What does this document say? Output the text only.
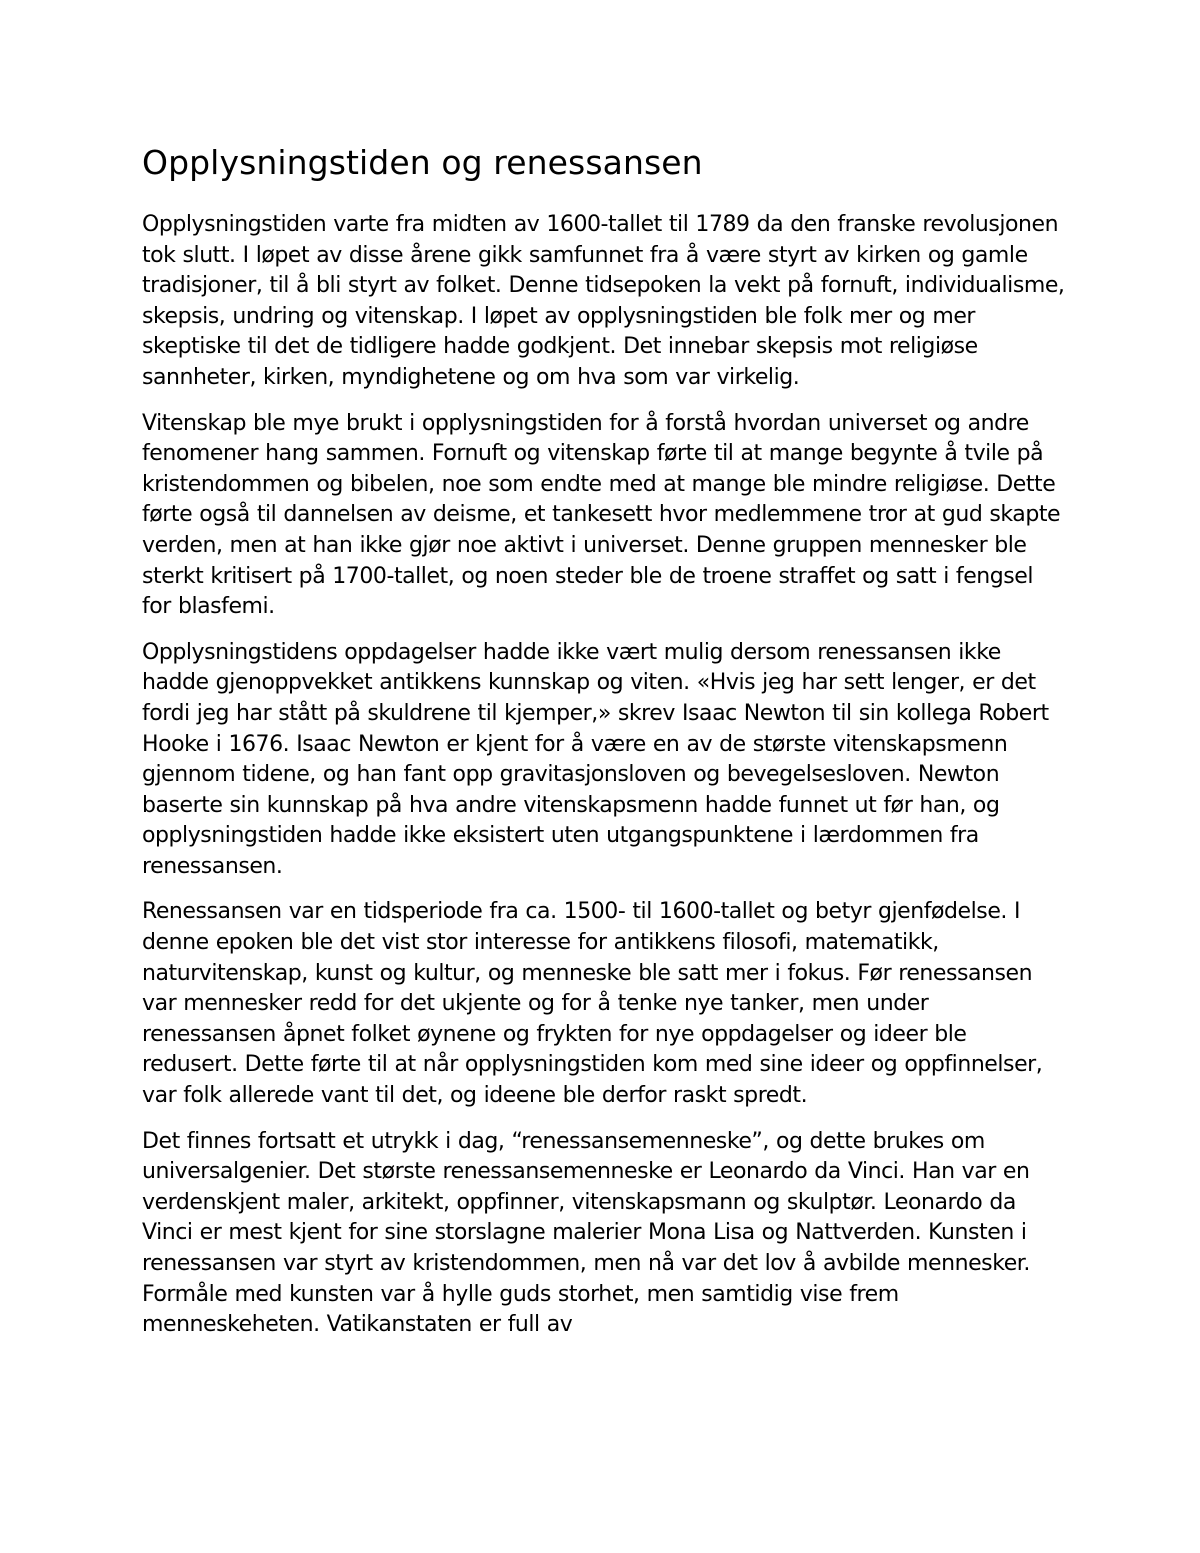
Opplysningstiden og renessansen

Opplysningstiden varte fra midten av 1600-tallet til 1789 da den franske revolusjonen tok slutt. I løpet av disse årene gikk samfunnet fra å være styrt av kirken og gamle tradisjoner, til å bli styrt av folket. Denne tidsepoken la vekt på fornuft, individualisme, skepsis, undring og vitenskap. I løpet av opplysningstiden ble folk mer og mer skeptiske til det de tidligere hadde godkjent. Det innebar skepsis mot religiøse sannheter, kirken, myndighetene og om hva som var virkelig.

Vitenskap ble mye brukt i opplysningstiden for å forstå hvordan universet og andre fenomener hang sammen. Fornuft og vitenskap førte til at mange begynte å tvile på kristendommen og bibelen, noe som endte med at mange ble mindre religiøse. Dette førte også til dannelsen av deisme, et tankesett hvor medlemmene tror at gud skapte verden, men at han ikke gjør noe aktivt i universet. Denne gruppen mennesker ble sterkt kritisert på 1700-tallet, og noen steder ble de troene straffet og satt i fengsel for blasfemi.

Opplysningstidens oppdagelser hadde ikke vært mulig dersom renessansen ikke hadde gjenoppvekket antikkens kunnskap og viten. «Hvis jeg har sett lenger, er det fordi jeg har stått på skuldrene til kjemper,» skrev Isaac Newton til sin kollega Robert Hooke i 1676. Isaac Newton er kjent for å være en av de største vitenskapsmenn gjennom tidene, og han fant opp gravitasjonsloven og bevegelsesloven. Newton baserte sin kunnskap på hva andre vitenskapsmenn hadde funnet ut før han, og opplysningstiden hadde ikke eksistert uten utgangspunktene i lærdommen fra renessansen.

Renessansen var en tidsperiode fra ca. 1500- til 1600-tallet og betyr gjenfødelse. I denne epoken ble det vist stor interesse for antikkens filosofi, matematikk, naturvitenskap, kunst og kultur, og menneske ble satt mer i fokus. Før renessansen var mennesker redd for det ukjente og for å tenke nye tanker, men under renessansen åpnet folket øynene og frykten for nye oppdagelser og ideer ble redusert. Dette førte til at når opplysningstiden kom med sine ideer og oppfinnelser, var folk allerede vant til det, og ideene ble derfor raskt spredt.

Det finnes fortsatt et utrykk i dag, “renessansemenneske”, og dette brukes om universalgenier. Det største renessansemenneske er Leonardo da Vinci. Han var en verdenskjent maler, arkitekt, oppfinner, vitenskapsmann og skulptør. Leonardo da Vinci er mest kjent for sine storslagne malerier Mona Lisa og Nattverden. Kunsten i renessansen var styrt av kristendommen, men nå var det lov å avbilde mennesker. Formåle med kunsten var å hylle guds storhet, men samtidig vise frem menneskeheten. Vatikanstaten er full av
